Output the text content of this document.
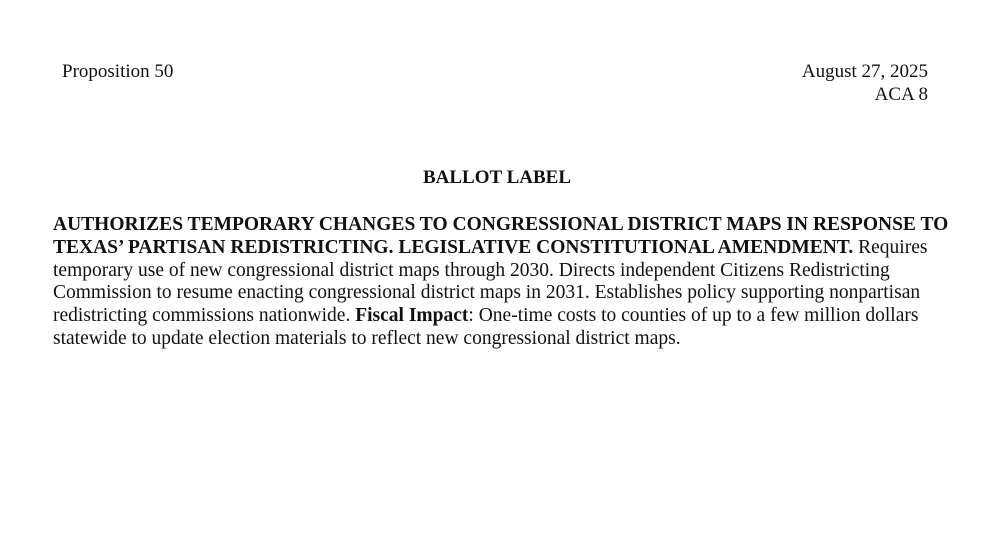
Proposition 50	August 27, 2025
ACA 8
BALLOT LABEL
AUTHORIZES TEMPORARY CHANGES TO CONGRESSIONAL DISTRICT MAPS IN RESPONSE TO TEXAS’ PARTISAN REDISTRICTING. LEGISLATIVE CONSTITUTIONAL AMENDMENT. Requires temporary use of new congressional district maps through 2030. Directs independent Citizens Redistricting Commission to resume enacting congressional district maps in 2031. Establishes policy supporting nonpartisan redistricting commissions nationwide. Fiscal Impact: One-time costs to counties of up to a few million dollars statewide to update election materials to reflect new congressional district maps.
